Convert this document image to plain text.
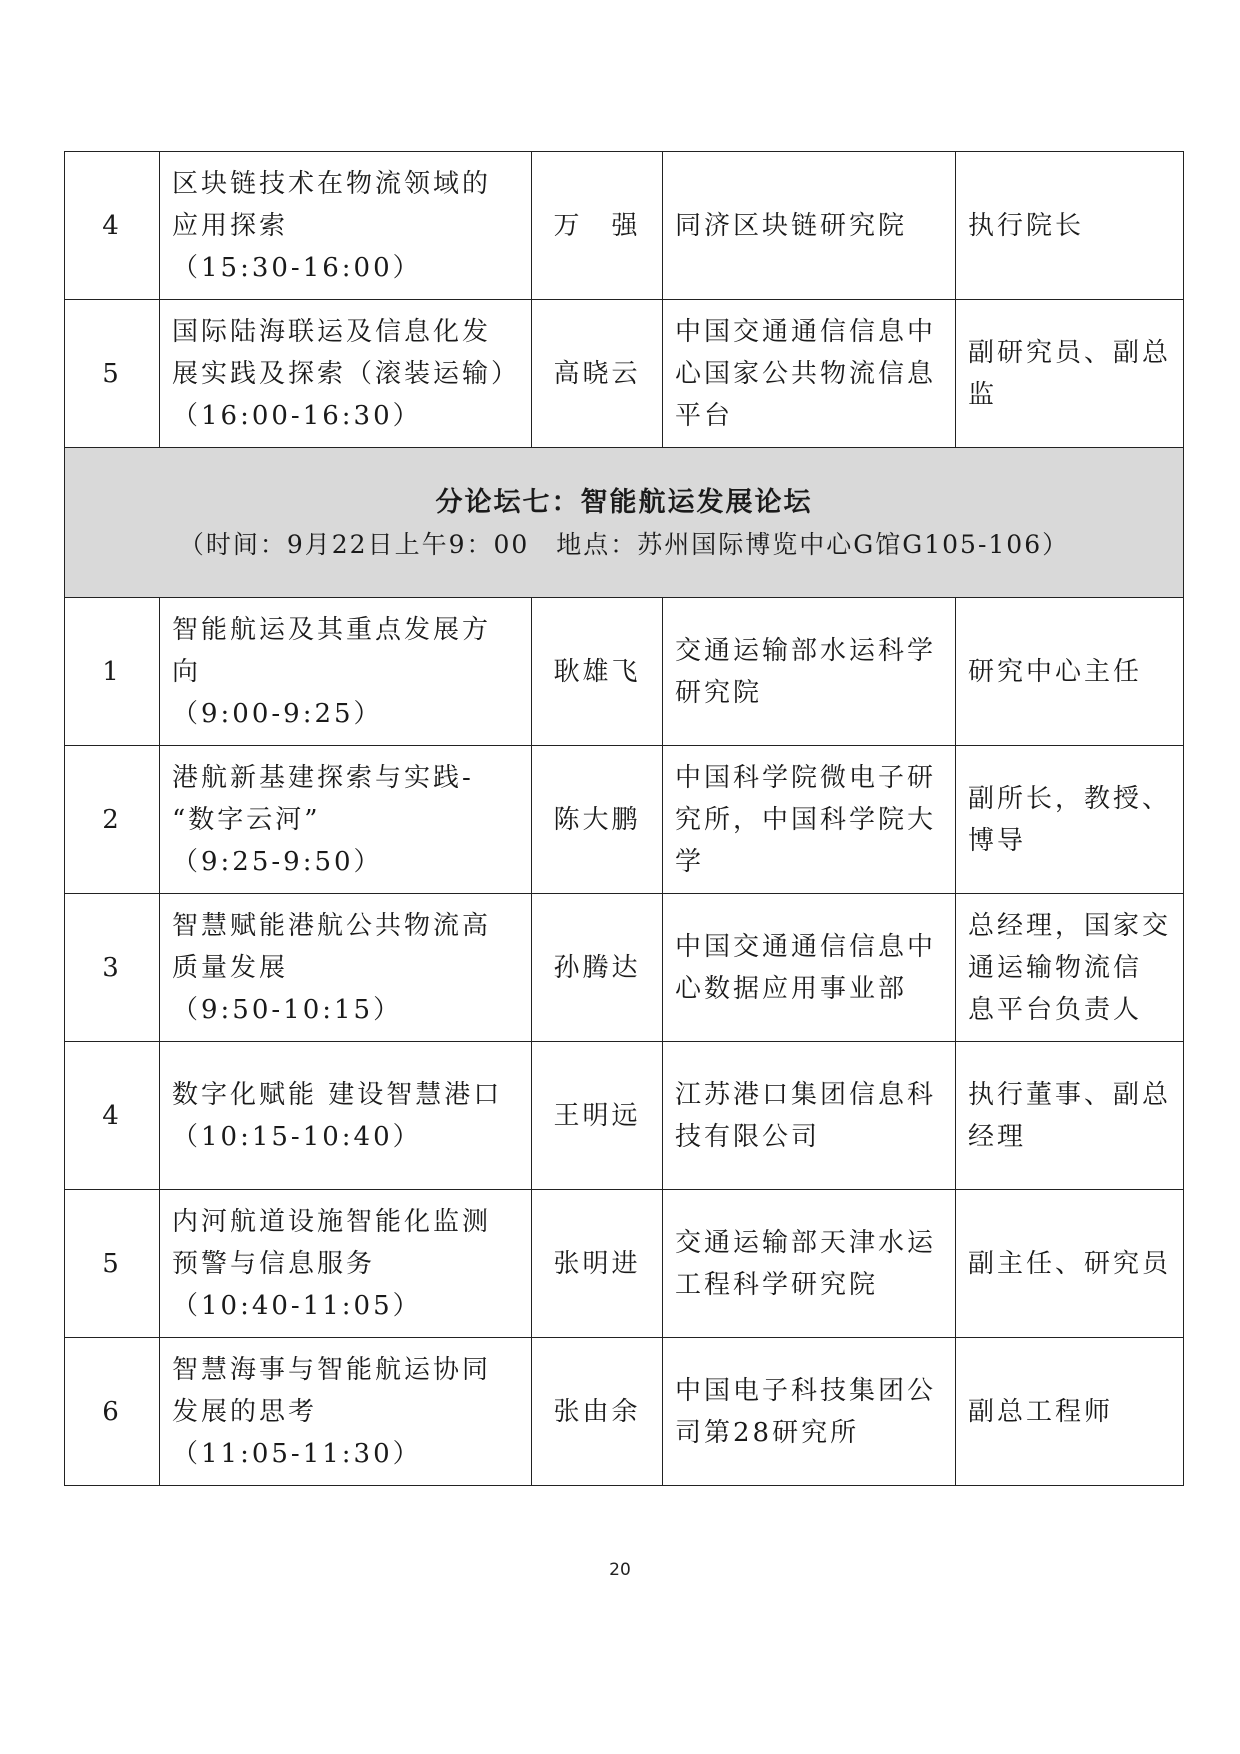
4	区块链技术在物流领域的
应用探索
（15:30-16:00）	万　强	同济区块链研究院	执行院长

5	国际陆海联运及信息化发
展实践及探索（滚装运输）
（16:00-16:30）	高晓云	中国交通通信信息中
心国家公共物流信息
平台	副研究员、副总
监

分论坛七：智能航运发展论坛
（时间：9月22日上午9：00　地点：苏州国际博览中心G馆G105-106）				

1	智能航运及其重点发展方
向
（9:00-9:25）	耿雄飞	交通运输部水运科学
研究院	研究中心主任

2	港航新基建探索与实践-
“数字云河”
（9:25-9:50）	陈大鹏	中国科学院微电子研
究所，中国科学院大
学	副所长，教授、
博导

3	智慧赋能港航公共物流高
质量发展
（9:50-10:15）	孙腾达	中国交通通信信息中
心数据应用事业部	总经理，国家交
通运输物流信
息平台负责人

4	数字化赋能 建设智慧港口
（10:15-10:40）	王明远	江苏港口集团信息科
技有限公司	执行董事、副总
经理

5	内河航道设施智能化监测
预警与信息服务
（10:40-11:05）	张明进	交通运输部天津水运
工程科学研究院	副主任、研究员

6	智慧海事与智能航运协同
发展的思考
（11:05-11:30）	张由余	中国电子科技集团公
司第28研究所	副总工程师
20
